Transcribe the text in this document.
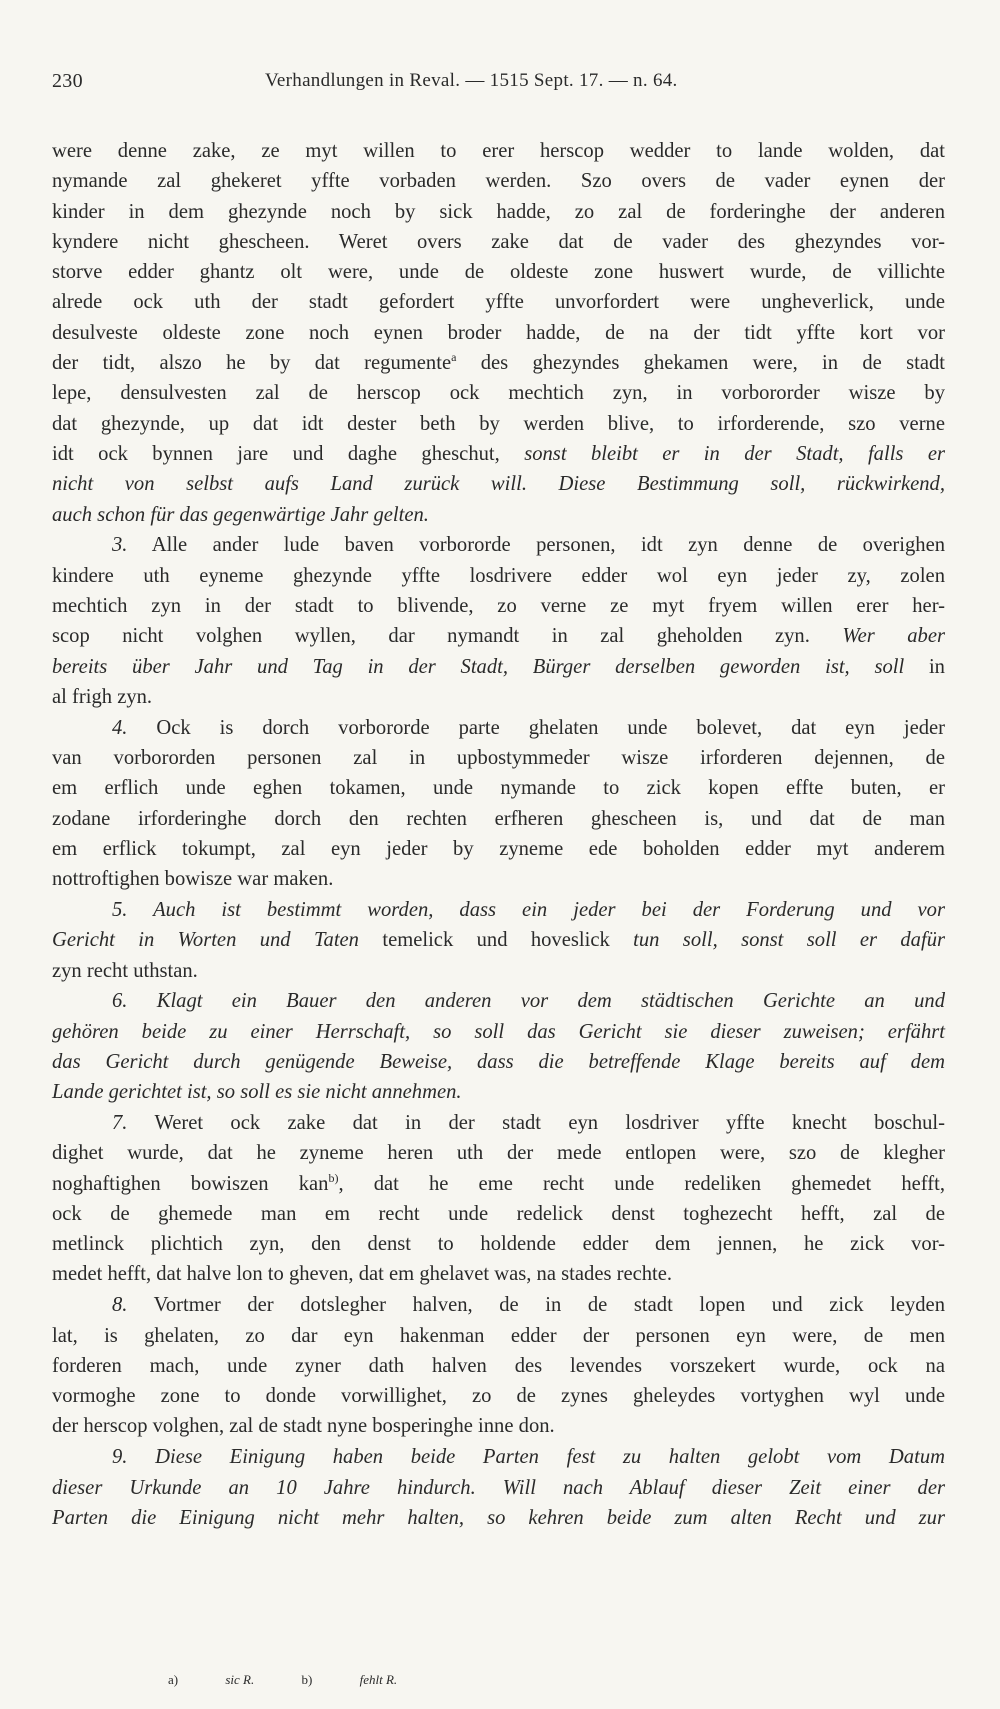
230	Verhandlungen in Reval. — 1515 Sept. 17. — n. 64.

were denne zake, ze myt willen to erer herscop wedder to lande wolden, dat
nymande zal ghekeret yffte vorbaden werden. Szo overs de vader eynen der
kinder in dem ghezynde noch by sick hadde, zo zal de forderinghe der anderen
kyndere nicht ghescheen. Weret overs zake dat de vader des ghezyndes vor-
storve edder ghantz olt were, unde de oldeste zone huswert wurde, de villichte
alrede ock uth der stadt gefordert yffte unvorfordert were ungheverlick, unde
desulveste oldeste zone noch eynen broder hadde, de na der tidt yffte kort vor
der tidt, alszo he by dat regumente$^a$ des ghezyndes ghekamen were, in de stadt
lepe, densulvesten zal de herscop ock mechtich zyn, in vorbororder wisze by
dat ghezynde, up dat idt dester beth by werden blive, to irforderende, szo verne
idt ock bynnen jare und daghe gheschut, sonst bleibt er in der Stadt, falls er
nicht von selbst aufs Land zurück will. Diese Bestimmung soll, rückwirkend,
auch schon für das gegenwärtige Jahr gelten.

3. Alle ander lude baven vorbororde personen, idt zyn denne de overighen
kindere uth eyneme ghezynde yffte losdrivere edder wol eyn jeder zy, zolen
mechtich zyn in der stadt to blivende, zo verne ze myt fryem willen erer her-
scop nicht volghen wyllen, dar nymandt in zal gheholden zyn. Wer aber
bereits über Jahr und Tag in der Stadt, Bürger derselben geworden ist, soll in
al frigh zyn.

4. Ock is dorch vorbororde parte ghelaten unde bolevet, dat eyn jeder
van vorbororden personen zal in upbostymmeder wisze irforderen dejennen, de
em erflich unde eghen tokamen, unde nymande to zick kopen effte buten, er
zodane irforderinghe dorch den rechten erfheren ghescheen is, und dat de man
em erflick tokumpt, zal eyn jeder by zyneme ede boholden edder myt anderem
nottroftighen bowisze war maken.

5. Auch ist bestimmt worden, dass ein jeder bei der Forderung und vor
Gericht in Worten und Taten temelick und hoveslick tun soll, sonst soll er dafür
zyn recht uthstan.

6. Klagt ein Bauer den anderen vor dem städtischen Gerichte an und
gehören beide zu einer Herrschaft, so soll das Gericht sie dieser zuweisen; erfährt
das Gericht durch genügende Beweise, dass die betreffende Klage bereits auf dem
Lande gerichtet ist, so soll es sie nicht annehmen.

7. Weret ock zake dat in der stadt eyn losdriver yffte knecht boschul-
dighet wurde, dat he zyneme heren uth der mede entlopen were, szo de klegher
noghaftighen bowiszen kan$^{b)}$, dat he eme recht unde redeliken ghemedet hefft,
ock de ghemede man em recht unde redelick denst toghezecht hefft, zal de
metlinck plichtich zyn, den denst to holdende edder dem jennen, he zick vor-
medet hefft, dat halve lon to gheven, dat em ghelavet was, na stades rechte.

8. Vortmer der dotslegher halven, de in de stadt lopen und zick leyden
lat, is ghelaten, zo dar eyn hakenman edder der personen eyn were, de men
forderen mach, unde zyner dath halven des levendes vorszekert wurde, ock na
vormoghe zone to donde vorwillighet, zo de zynes gheleydes vortyghen wyl unde
der herscop volghen, zal de stadt nyne bosperinghe inne don.

9. Diese Einigung haben beide Parten fest zu halten gelobt vom Datum
dieser Urkunde an 10 Jahre hindurch. Will nach Ablauf dieser Zeit einer der
Parten die Einigung nicht mehr halten, so kehren beide zum alten Recht und zur

a)	sic R.	b)	fehlt R.
